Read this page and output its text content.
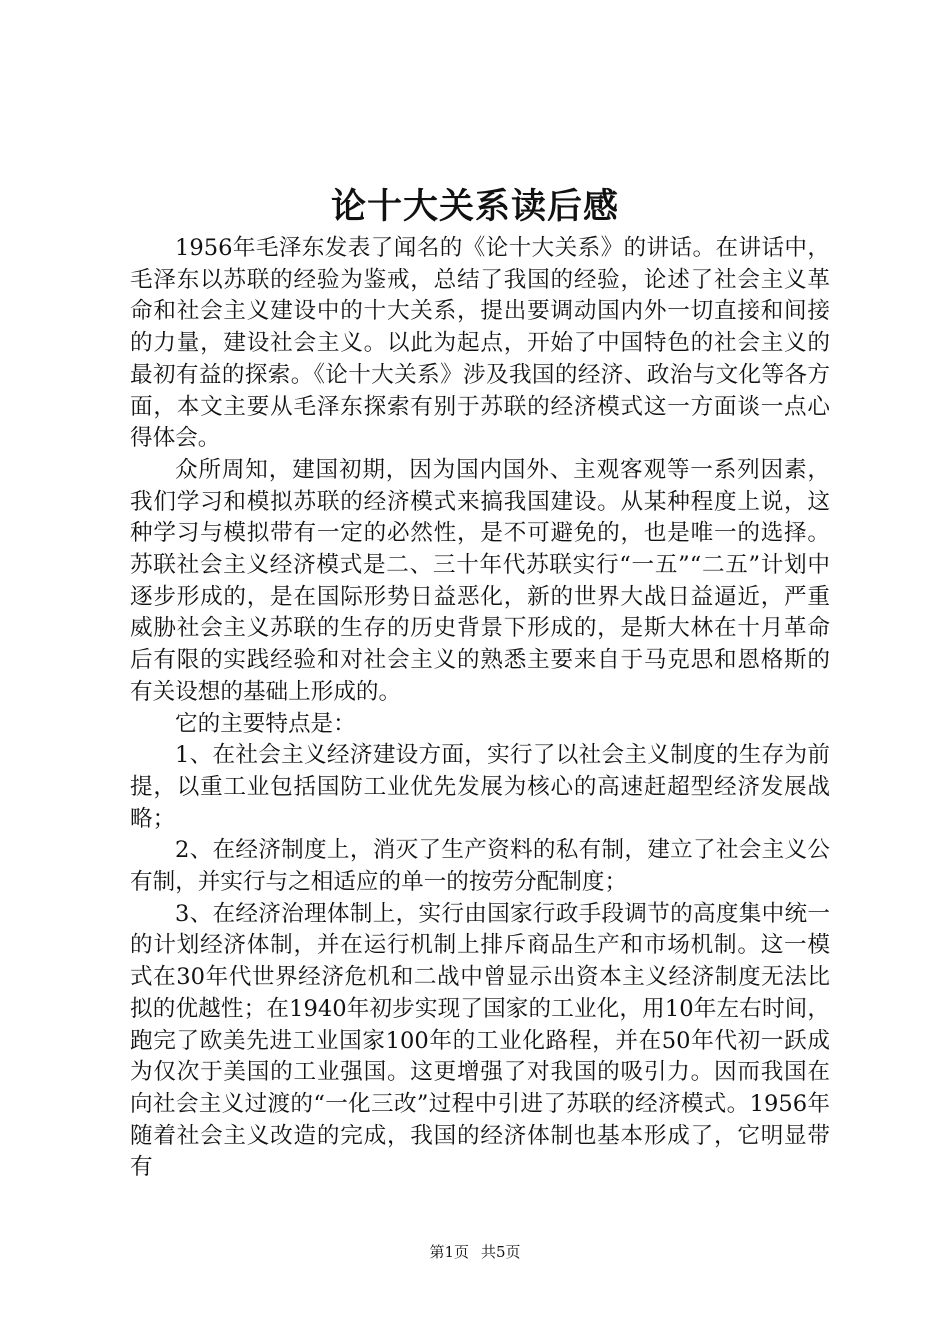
论十大关系读后感

1956年毛泽东发表了闻名的《论十大关系》的讲话。在讲话中，毛泽东以苏联的经验为鉴戒，总结了我国的经验，论述了社会主义革命和社会主义建设中的十大关系，提出要调动国内外一切直接和间接的力量，建设社会主义。以此为起点，开始了中国特色的社会主义的最初有益的探索。《论十大关系》涉及我国的经济、政治与文化等各方面，本文主要从毛泽东探索有别于苏联的经济模式这一方面谈一点心得体会。

众所周知，建国初期，因为国内国外、主观客观等一系列因素，我们学习和模拟苏联的经济模式来搞我国建设。从某种程度上说，这种学习与模拟带有一定的必然性，是不可避免的，也是唯一的选择。苏联社会主义经济模式是二、三十年代苏联实行“一五”“二五”计划中逐步形成的，是在国际形势日益恶化，新的世界大战日益逼近，严重威胁社会主义苏联的生存的历史背景下形成的，是斯大林在十月革命后有限的实践经验和对社会主义的熟悉主要来自于马克思和恩格斯的有关设想的基础上形成的。

它的主要特点是：

1、在社会主义经济建设方面，实行了以社会主义制度的生存为前提，以重工业包括国防工业优先发展为核心的高速赶超型经济发展战略；

2、在经济制度上，消灭了生产资料的私有制，建立了社会主义公有制，并实行与之相适应的单一的按劳分配制度；

3、在经济治理体制上，实行由国家行政手段调节的高度集中统一的计划经济体制，并在运行机制上排斥商品生产和市场机制。这一模式在30年代世界经济危机和二战中曾显示出资本主义经济制度无法比拟的优越性；在1940年初步实现了国家的工业化，用10年左右时间，跑完了欧美先进工业国家100年的工业化路程，并在50年代初一跃成为仅次于美国的工业强国。这更增强了对我国的吸引力。因而我国在向社会主义过渡的“一化三改”过程中引进了苏联的经济模式。1956年随着社会主义改造的完成，我国的经济体制也基本形成了，它明显带有

第1页 共5页
